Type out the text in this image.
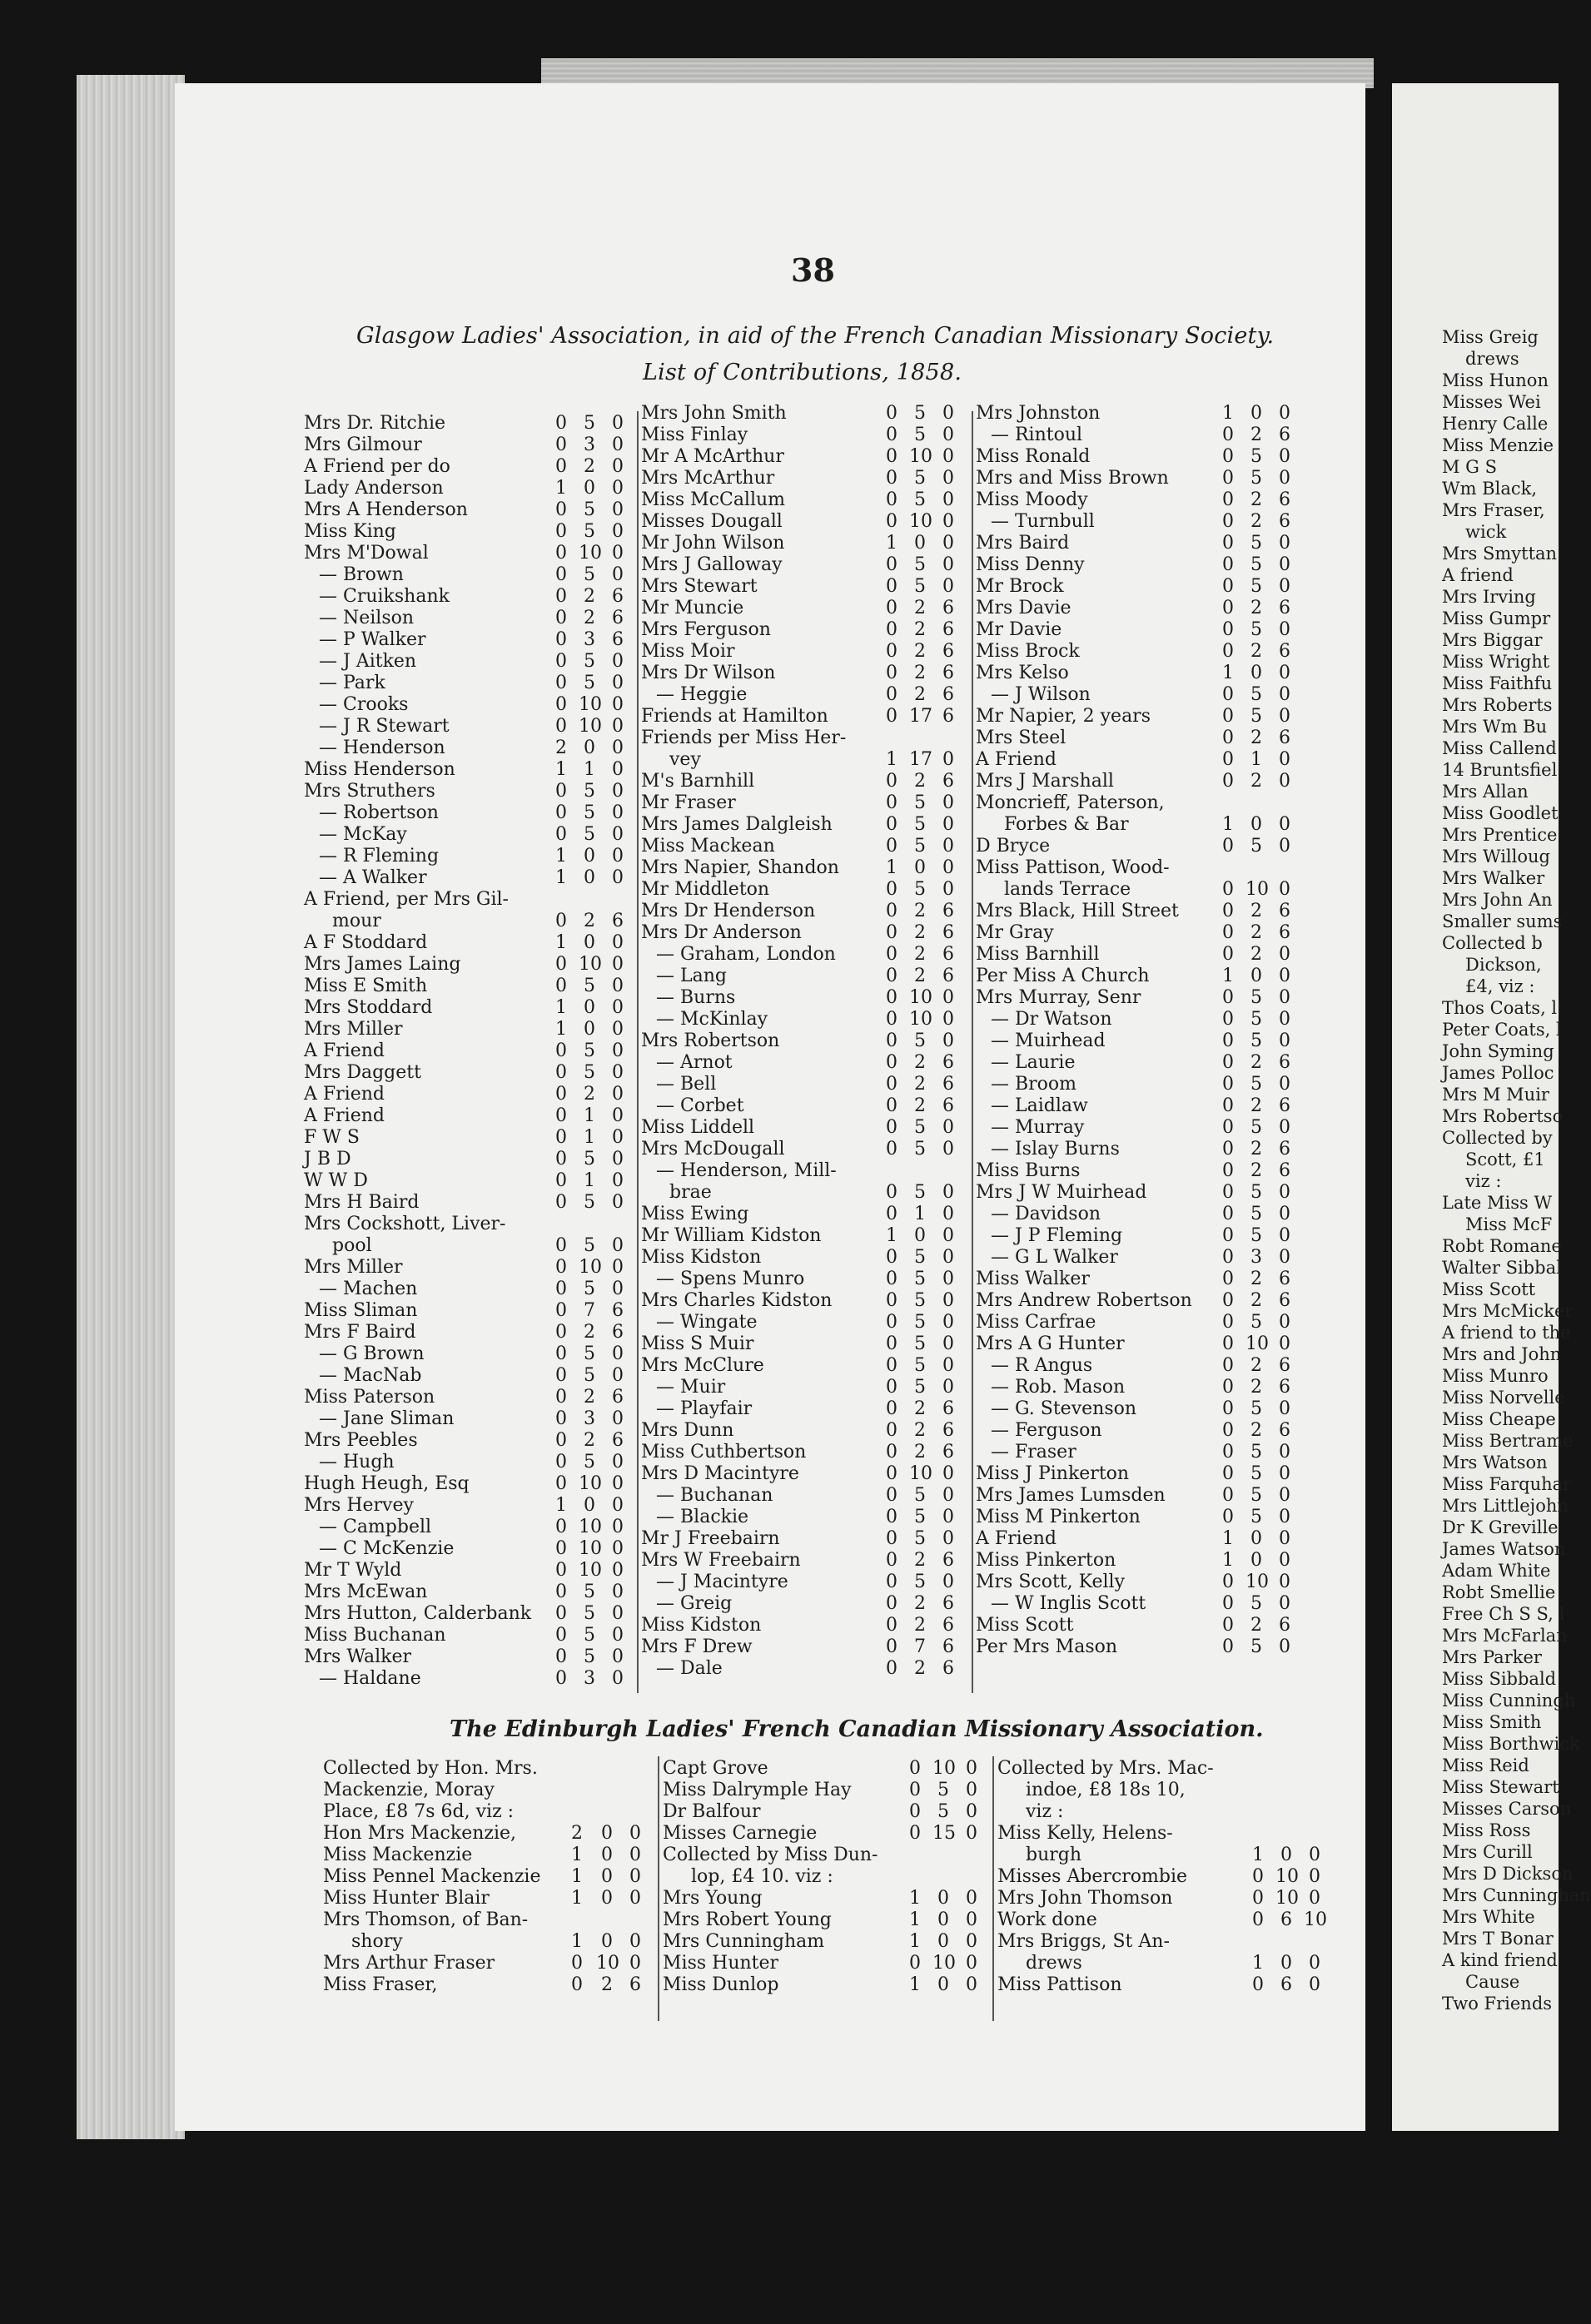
Miss Greig
drews
Miss Hunon
Misses Wei
Henry Calle
Miss Menzie
M G S
Wm Black,
Mrs Fraser,
wick
Mrs Smyttan
A friend
Mrs Irving
Miss Gumpr
Mrs Biggar
Miss Wright
Miss Faithfu
Mrs Roberts
Mrs Wm Bu
Miss Callend
14 Bruntsfiel
Mrs Allan
Miss Goodlet
Mrs Prentice
Mrs Willoug
Mrs Walker
Mrs John An
Smaller sums
Collected b
Dickson,
£4, viz :
Thos Coats, l
Peter Coats, l
John Syming
James Polloc
Mrs M Muir
Mrs Robertso
Collected by
Scott, £1
viz :
Late Miss W
Miss McF
Robt Romane
Walter Sibbal
Miss Scott
Mrs McMicker
A friend to the
Mrs and John
Miss Munro
Miss Norvelle
Miss Cheape
Miss Bertrame
Mrs Watson
Miss Farquhar
Mrs Littlejohn
Dr K Greville
James Watson
Adam White
Robt Smellie
Free Ch S S, l
Mrs McFarlan
Mrs Parker
Miss Sibbald
Miss Cunningh
Miss Smith
Miss Borthwick
Miss Reid
Miss Stewart
Misses Carson
Miss Ross
Mrs Curill
Mrs D Dickson
Mrs Cunninghan
Mrs White
Mrs T Bonar
A kind friend
Cause
Two Friends
38
Glasgow Ladies' Association, in aid of the French Canadian Missionary Society.
List of Contributions, 1858.
Mrs Dr. Ritchie	0 5 0
Mrs Gilmour	0 3 0
A Friend per do	0 2 0
Lady Anderson	1 0 0
Mrs A Henderson	0 5 0
Miss King	0 5 0
Mrs M'Dowal	0 10 0
— Brown	0 5 0
— Cruikshank	0 2 6
— Neilson	0 2 6
— P Walker	0 3 6
— J Aitken	0 5 0
— Park	0 5 0
— Crooks	0 10 0
— J R Stewart	0 10 0
— Henderson	2 0 0
Miss Henderson	1 1 0
Mrs Struthers	0 5 0
— Robertson	0 5 0
— McKay	0 5 0
— R Fleming	1 0 0
— A Walker	1 0 0
A Friend, per Mrs Gil-
mour	0 2 6
A F Stoddard	1 0 0
Mrs James Laing	0 10 0
Miss E Smith	0 5 0
Mrs Stoddard	1 0 0
Mrs Miller	1 0 0
A Friend	0 5 0
Mrs Daggett	0 5 0
A Friend	0 2 0
A Friend	0 1 0
F W S	0 1 0
J B D	0 5 0
W W D	0 1 0
Mrs H Baird	0 5 0
Mrs Cockshott, Liver-
pool	0 5 0
Mrs Miller	0 10 0
— Machen	0 5 0
Miss Sliman	0 7 6
Mrs F Baird	0 2 6
— G Brown	0 5 0
— MacNab	0 5 0
Miss Paterson	0 2 6
— Jane Sliman	0 3 0
Mrs Peebles	0 2 6
— Hugh	0 5 0
Hugh Heugh, Esq	0 10 0
Mrs Hervey	1 0 0
— Campbell	0 10 0
— C McKenzie	0 10 0
Mr T Wyld	0 10 0
Mrs McEwan	0 5 0
Mrs Hutton, Calderbank 0 5 0
Miss Buchanan	0 5 0
Mrs Walker	0 5 0
— Haldane	0 3 0
Mrs John Smith	0 5 0
Miss Finlay	0 5 0
Mr A McArthur	0 10 0
Mrs McArthur	0 5 0
Miss McCallum	0 5 0
Misses Dougall	0 10 0
Mr John Wilson	1 0 0
Mrs J Galloway	0 5 0
Mrs Stewart	0 5 0
Mr Muncie	0 2 6
Mrs Ferguson	0 2 6
Miss Moir	0 2 6
Mrs Dr Wilson	0 2 6
— Heggie	0 2 6
Friends at Hamilton	0 17 6
Friends per Miss Her-
vey	1 17 0
M's Barnhill	0 2 6
Mr Fraser	0 5 0
Mrs James Dalgleish	0 5 0
Miss Mackean	0 5 0
Mrs Napier, Shandon	1 0 0
Mr Middleton	0 5 0
Mrs Dr Henderson	0 2 6
Mrs Dr Anderson	0 2 6
— Graham, London	0 2 6
— Lang	0 2 6
— Burns	0 10 0
— McKinlay	0 10 0
Mrs Robertson	0 5 0
— Arnot	0 2 6
— Bell	0 2 6
— Corbet	0 2 6
Miss Liddell	0 5 0
Mrs McDougall	0 5 0
— Henderson, Mill-
brae	0 5 0
Miss Ewing	0 1 0
Mr William Kidston	1 0 0
Miss Kidston	0 5 0
— Spens Munro	0 5 0
Mrs Charles Kidston	0 5 0
— Wingate	0 5 0
Miss S Muir	0 5 0
Mrs McClure	0 5 0
— Muir	0 5 0
— Playfair	0 2 6
Mrs Dunn	0 2 6
Miss Cuthbertson	0 2 6
Mrs D Macintyre	0 10 0
— Buchanan	0 5 0
— Blackie	0 5 0
Mr J Freebairn	0 5 0
Mrs W Freebairn	0 2 6
— J Macintyre	0 5 0
— Greig	0 2 6
Miss Kidston	0 2 6
Mrs F Drew	0 7 6
— Dale	0 2 6
Mrs Johnston	1 0 0
— Rintoul	0 2 6
Miss Ronald	0 5 0
Mrs and Miss Brown	0 5 0
Miss Moody	0 2 6
— Turnbull	0 2 6
Mrs Baird	0 5 0
Miss Denny	0 5 0
Mr Brock	0 5 0
Mrs Davie	0 2 6
Mr Davie	0 5 0
Miss Brock	0 2 6
Mrs Kelso	1 0 0
— J Wilson	0 5 0
Mr Napier, 2 years	0 5 0
Mrs Steel	0 2 6
A Friend	0 1 0
Mrs J Marshall	0 2 0
Moncrieff, Paterson,
Forbes & Bar	1 0 0
D Bryce	0 5 0
Miss Pattison, Wood-
lands Terrace	0 10 0
Mrs Black, Hill Street 0 2 6
Mr Gray	0 2 6
Miss Barnhill	0 2 0
Per Miss A Church	1 0 0
Mrs Murray, Senr	0 5 0
— Dr Watson	0 5 0
— Muirhead	0 5 0
— Laurie	0 2 6
— Broom	0 5 0
— Laidlaw	0 2 6
— Murray	0 5 0
— Islay Burns	0 2 6
Miss Burns	0 2 6
Mrs J W Muirhead	0 5 0
— Davidson	0 5 0
— J P Fleming	0 5 0
— G L Walker	0 3 0
Miss Walker	0 2 6
Mrs Andrew Robertson 0 2 6
Miss Carfrae	0 5 0
Mrs A G Hunter	0 10 0
— R Angus	0 2 6
— Rob. Mason	0 2 6
— G. Stevenson	0 5 0
— Ferguson	0 2 6
— Fraser	0 5 0
Miss J Pinkerton	0 5 0
Mrs James Lumsden	0 5 0
Miss M Pinkerton	0 5 0
A Friend	1 0 0
Miss Pinkerton	1 0 0
Mrs Scott, Kelly	0 10 0
— W Inglis Scott	0 5 0
Miss Scott	0 2 6
Per Mrs Mason	0 5 0
The Edinburgh Ladies' French Canadian Missionary Association.
Collected by Hon. Mrs.
Mackenzie, Moray
Place, £8 7s 6d, viz :
Hon Mrs Mackenzie,	2 0 0
Miss Mackenzie	1 0 0
Miss Pennel Mackenzie 1 0 0
Miss Hunter Blair	1 0 0
Mrs Thomson, of Ban-
shory	1 0 0
Mrs Arthur Fraser	0 10 0
Miss Fraser,	0 2 6
Capt Grove	0 10 0
Miss Dalrymple Hay	0 5 0
Dr Balfour	0 5 0
Misses Carnegie	0 15 0
Collected by Miss Dun-
lop, £4 10. viz :
Mrs Young	1 0 0
Mrs Robert Young	1 0 0
Mrs Cunningham	1 0 0
Miss Hunter	0 10 0
Miss Dunlop	1 0 0
Collected by Mrs. Mac-
indoe, £8 18s 10,
viz :
Miss Kelly, Helens-
burgh	1 0 0
Misses Abercrombie	0 10 0
Mrs John Thomson	0 10 0
Work done	0 6 10
Mrs Briggs, St An-
drews	1 0 0
Miss Pattison	0 6 0
